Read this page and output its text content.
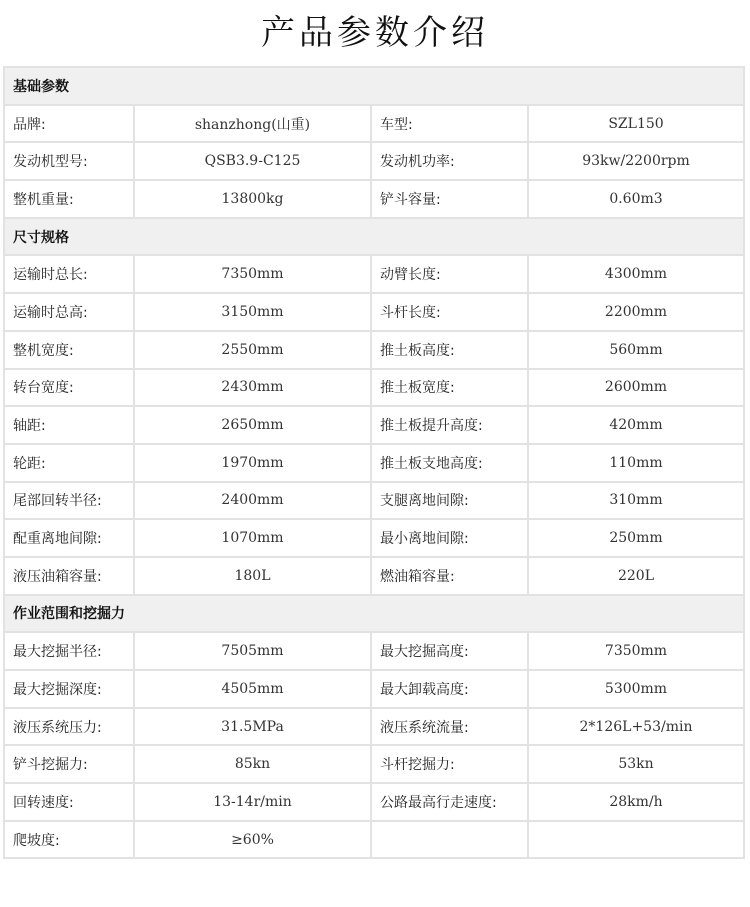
产品参数介绍
基础参数			
品牌:	shanzhong(山重)	车型:	SZL150
发动机型号:	QSB3.9-C125	发动机功率:	93kw/2200rpm
整机重量:	13800kg	铲斗容量:	0.60m3
尺寸规格			
运输时总长:	7350mm	动臂长度:	4300mm
运输时总高:	3150mm	斗杆长度:	2200mm
整机宽度:	2550mm	推土板高度:	560mm
转台宽度:	2430mm	推土板宽度:	2600mm
轴距:	2650mm	推土板提升高度:	420mm
轮距:	1970mm	推土板支地高度:	110mm
尾部回转半径:	2400mm	支腿离地间隙:	310mm
配重离地间隙:	1070mm	最小离地间隙:	250mm
液压油箱容量:	180L	燃油箱容量:	220L
作业范围和挖掘力			
最大挖掘半径:	7505mm	最大挖掘高度:	7350mm
最大挖掘深度:	4505mm	最大卸载高度:	5300mm
液压系统压力:	31.5MPa	液压系统流量:	2*126L+53/min
铲斗挖掘力:	85kn	斗杆挖掘力:	53kn
回转速度:	13-14r/min	公路最高行走速度:	28km/h
爬坡度:	≥60%		
